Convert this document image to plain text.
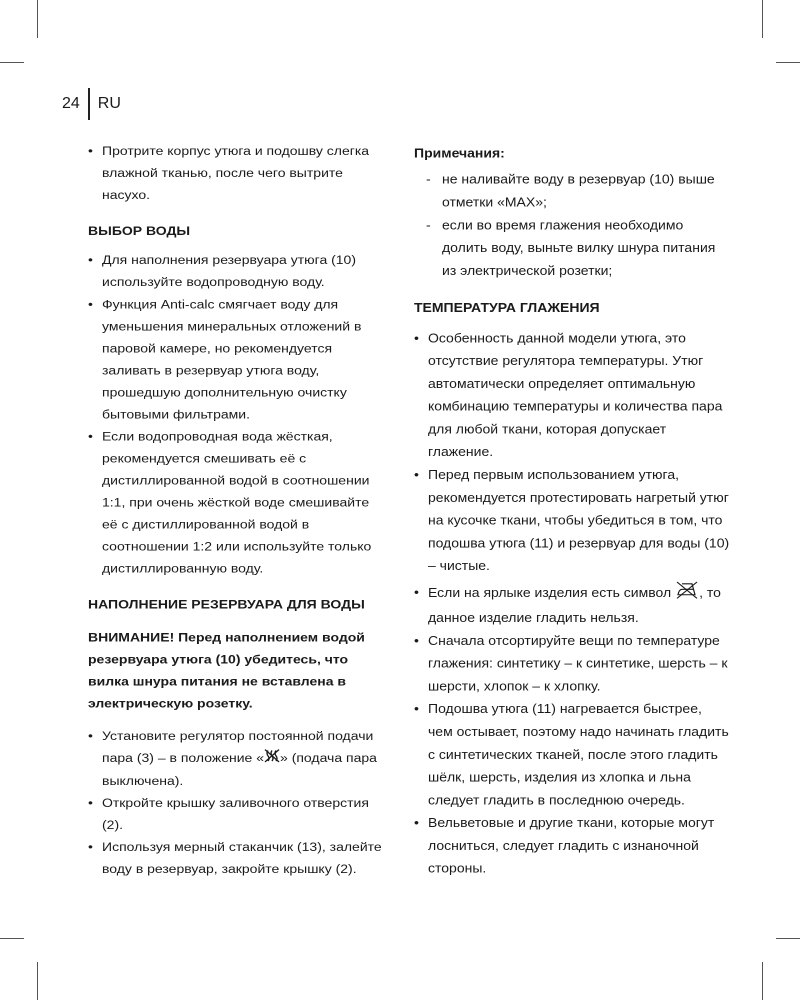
24	RU
• Протрите корпус утюга и подошву слегка влажной тканью, после чего вытрите насухо.
ВЫБОР ВОДЫ
• Для наполнения резервуара утюга (10) используйте водопроводную воду.
• Функция Anti-calc смягчает воду для уменьшения минеральных отложений в паровой камере, но рекомендуется заливать в резервуар утюга воду, прошедшую дополнительную очистку бытовыми фильтрами.
• Если водопроводная вода жёсткая, рекомендуется смешивать её с дистиллированной водой в соотношении 1:1, при очень жёсткой воде смешивайте её с дистиллированной водой в соотношении 1:2 или используйте только дистиллированную воду.
НАПОЛНЕНИЕ РЕЗЕРВУАРА ДЛЯ ВОДЫ
ВНИМАНИЕ! Перед наполнением водой резервуара утюга (10) убедитесь, что вилка шнура питания не вставлена в электрическую розетку.
• Установите регулятор постоянной подачи пара (3) – в положение « » (подача пара выключена).
• Откройте крышку заливочного отверстия (2).
• Используя мерный стаканчик (13), залейте воду в резервуар, закройте крышку (2).
Примечания:
- не наливайте воду в резервуар (10) выше отметки «MAX»;
- если во время глажения необходимо долить воду, выньте вилку шнура питания из электрической розетки;
ТЕМПЕРАТУРА ГЛАЖЕНИЯ
• Особенность данной модели утюга, это отсутствие регулятора температуры. Утюг автоматически определяет оптимальную комбинацию температуры и количества пара для любой ткани, которая допускает глажение.
• Перед первым использованием утюга, рекомендуется протестировать нагретый утюг на кусочке ткани, чтобы убедиться в том, что подошва утюга (11) и резервуар для воды (10) – чистые.
• Если на ярлыке изделия есть символ , то данное изделие гладить нельзя.
• Сначала отсортируйте вещи по температуре глажения: синтетику – к синтетике, шерсть – к шерсти, хлопок – к хлопку.
• Подошва утюга (11) нагревается быстрее, чем остывает, поэтому надо начинать гладить с синтетических тканей, после этого гладить шёлк, шерсть, изделия из хлопка и льна следует гладить в последнюю очередь.
• Вельветовые и другие ткани, которые могут лосниться, следует гладить с изнаночной стороны.
